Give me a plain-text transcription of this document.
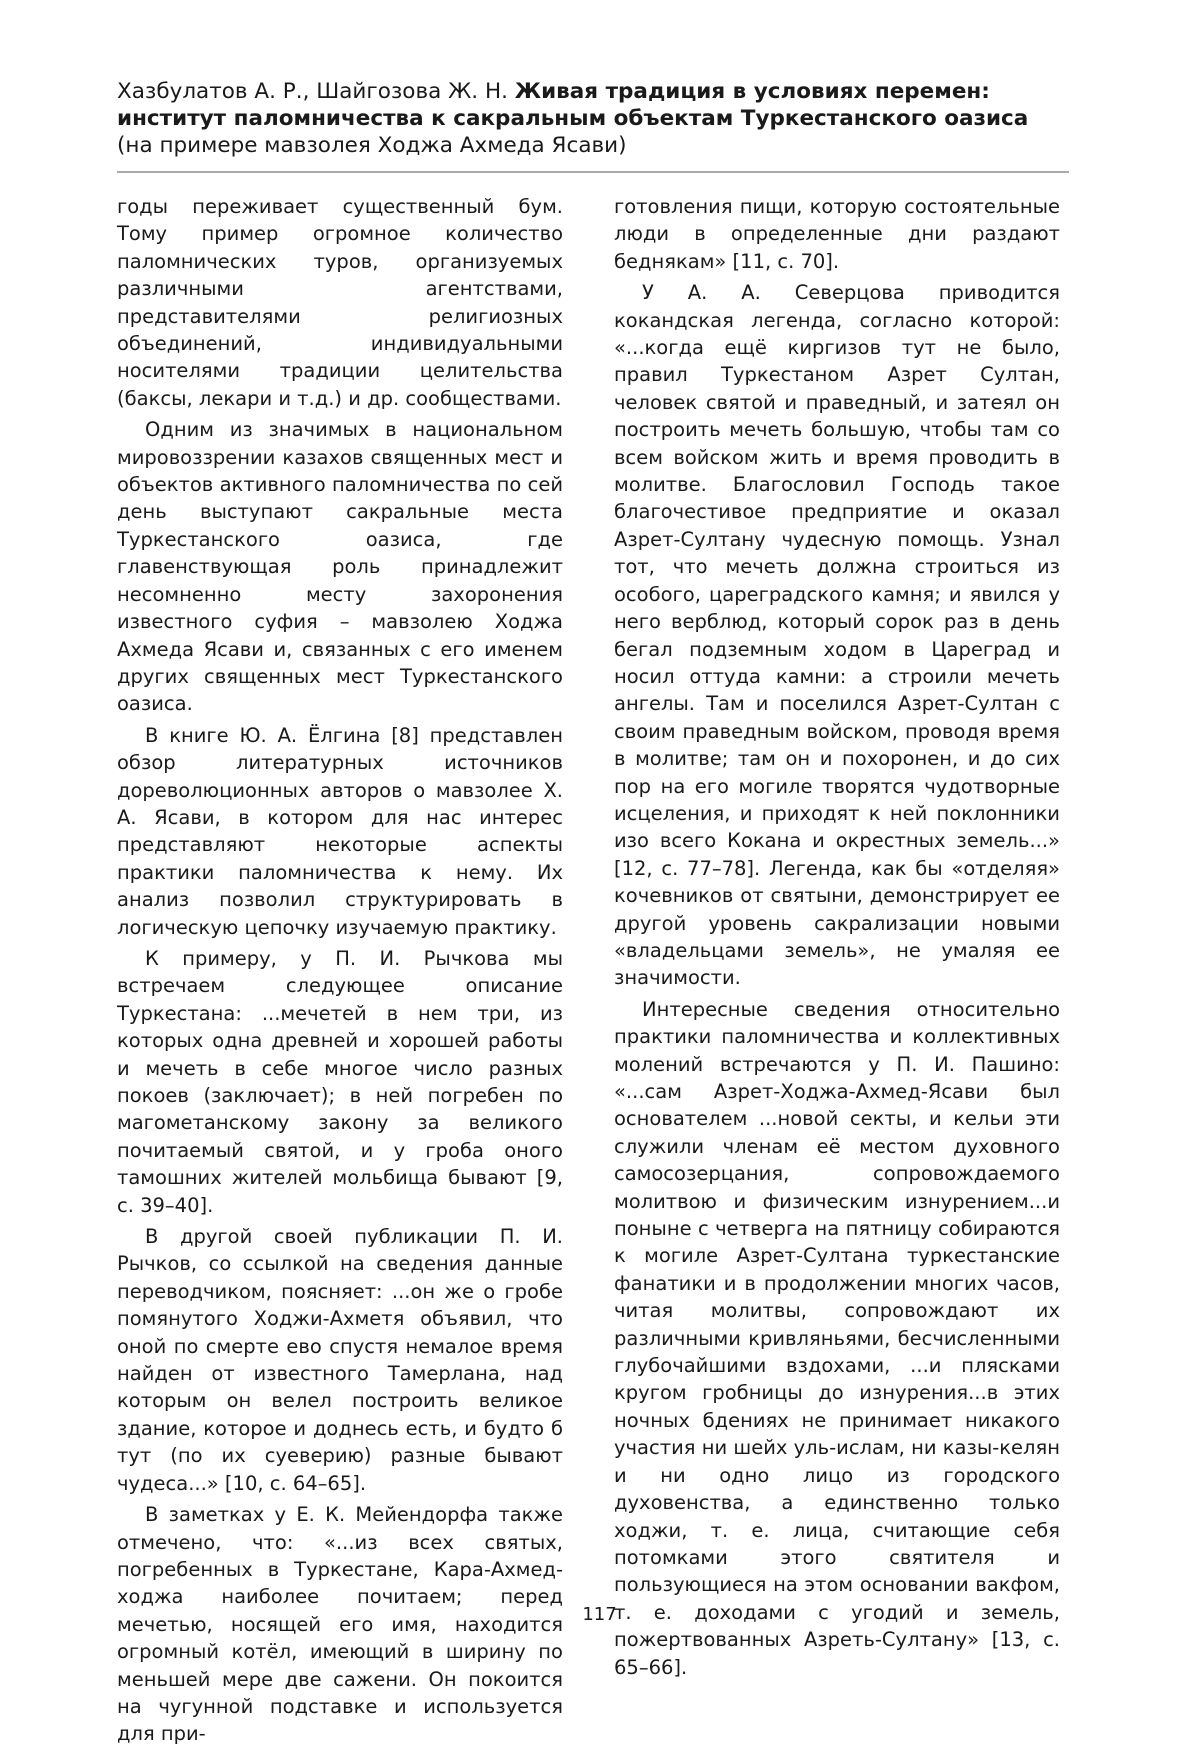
Хазбулатов А. Р., Шайгозова Ж. Н. Живая традиция в условиях перемен: институт паломничества к сакральным объектам Туркестанского оазиса (на примере мавзолея Ходжа Ахмеда Ясави)

годы переживает существенный бум. Тому пример огромное количество паломнических туров, организуемых различными агентствами, представителями религиозных объединений, индивидуальными носителями традиции целительства (баксы, лекари и т.д.) и др. сообществами.

Одним из значимых в национальном мировоззрении казахов священных мест и объектов активного паломничества по сей день выступают сакральные места Туркестанского оазиса, где главенствующая роль принадлежит несомненно месту захоронения известного суфия – мавзолею Ходжа Ахмеда Ясави и, связанных с его именем других священных мест Туркестанского оазиса.

В книге Ю. А. Ёлгина [8] представлен обзор литературных источников дореволюционных авторов о мавзолее Х. А. Ясави, в котором для нас интерес представляют некоторые аспекты практики паломничества к нему. Их анализ позволил структурировать в логическую цепочку изучаемую практику.

К примеру, у П. И. Рычкова мы встречаем следующее описание Туркестана: ...мечетей в нем три, из которых одна древней и хорошей работы и мечеть в себе многое число разных покоев (заключает); в ней погребен по магометанскому закону за великого почитаемый святой, и у гроба оного тамошних жителей мольбища бывают [9, с. 39–40].

В другой своей публикации П. И. Рычков, со ссылкой на сведения данные переводчиком, поясняет: ...он же о гробе помянутого Ходжи-Ахметя объявил, что оной по смерте ево спустя немалое время найден от известного Тамерлана, над которым он велел построить великое здание, которое и доднесь есть, и будто б тут (по их суеверию) разные бывают чудеса...» [10, с. 64–65].

В заметках у Е. К. Мейендорфа также отмечено, что: «...из всех святых, погребенных в Туркестане, Кара-Ахмед-ходжа наиболее почитаем; перед мечетью, носящей его имя, находится огромный котёл, имеющий в ширину по меньшей мере две сажени. Он покоится на чугунной подставке и используется для при-

готовления пищи, которую состоятельные люди в определенные дни раздают беднякам» [11, с. 70].

У А. А. Северцова приводится кокандская легенда, согласно которой: «...когда ещё киргизов тут не было, правил Туркестаном Азрет Султан, человек святой и праведный, и затеял он построить мечеть большую, чтобы там со всем войском жить и время проводить в молитве. Благословил Господь такое благочестивое предприятие и оказал Азрет-Султану чудесную помощь. Узнал тот, что мечеть должна строиться из особого, цареградского камня; и явился у него верблюд, который сорок раз в день бегал подземным ходом в Цареград и носил оттуда камни: а строили мечеть ангелы. Там и поселился Азрет-Султан с своим праведным войском, проводя время в молитве; там он и похоронен, и до сих пор на его могиле творятся чудотворные исцеления, и приходят к ней поклонники изо всего Кокана и окрестных земель...» [12, с. 77–78]. Легенда, как бы «отделяя» кочевников от святыни, демонстрирует ее другой уровень сакрализации новыми «владельцами земель», не умаляя ее значимости.

Интересные сведения относительно практики паломничества и коллективных молений встречаются у П. И. Пашино: «...сам Азрет-Ходжа-Ахмед-Ясави был основателем ...новой секты, и кельи эти служили членам её местом духовного самосозерцания, сопровождаемого молитвою и физическим изнурением...и поныне с четверга на пятницу собираются к могиле Азрет-Султана туркестанские фанатики и в продолжении многих часов, читая молитвы, сопровождают их различными кривляньями, бесчисленными глубочайшими вздохами, ...и плясками кругом гробницы до изнурения...в этих ночных бдениях не принимает никакого участия ни шейх уль-ислам, ни казы-келян и ни одно лицо из городского духовенства, а единственно только ходжи, т. е. лица, считающие себя потомками этого святителя и пользующиеся на этом основании вакфом, т. е. доходами с угодий и земель, пожертвованных Азреть-Султану» [13, с. 65–66].

117
